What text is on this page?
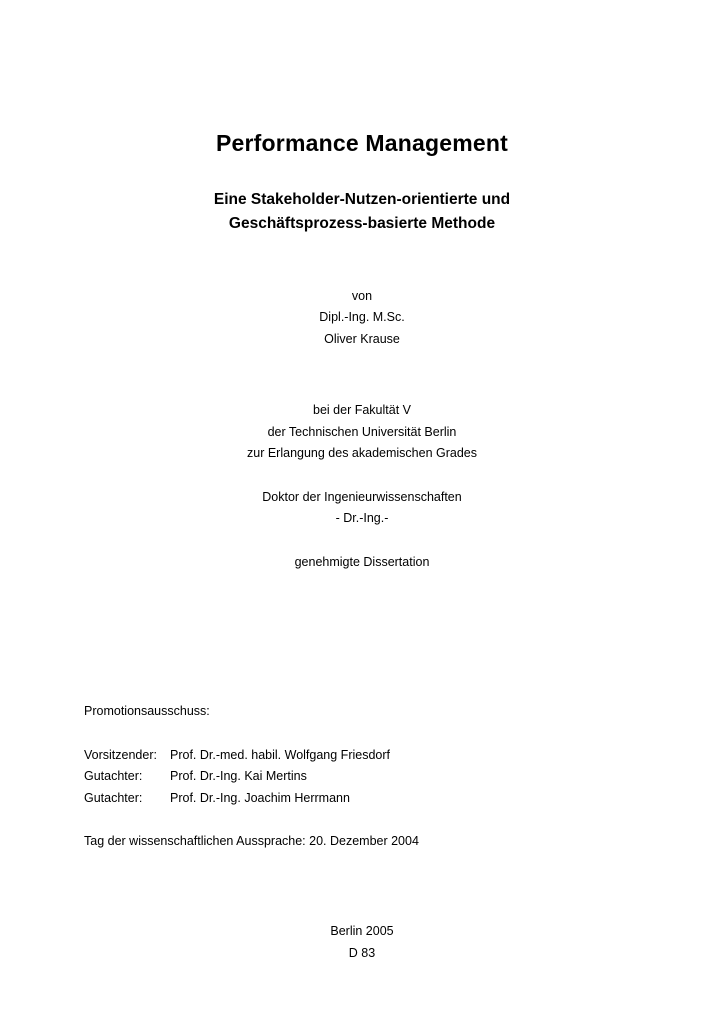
Performance Management
Eine Stakeholder-Nutzen-orientierte und
Geschäftsprozess-basierte Methode
von
Dipl.-Ing. M.Sc.
Oliver Krause
bei der Fakultät V
der Technischen Universität Berlin
zur Erlangung des akademischen Grades
Doktor der Ingenieurwissenschaften
- Dr.-Ing.-
genehmigte Dissertation
Promotionsausschuss:
Vorsitzender:	Prof. Dr.-med. habil. Wolfgang Friesdorf
Gutachter:	Prof. Dr.-Ing. Kai Mertins
Gutachter:	Prof. Dr.-Ing. Joachim Herrmann
Tag der wissenschaftlichen Aussprache: 20. Dezember 2004
Berlin 2005
D 83
